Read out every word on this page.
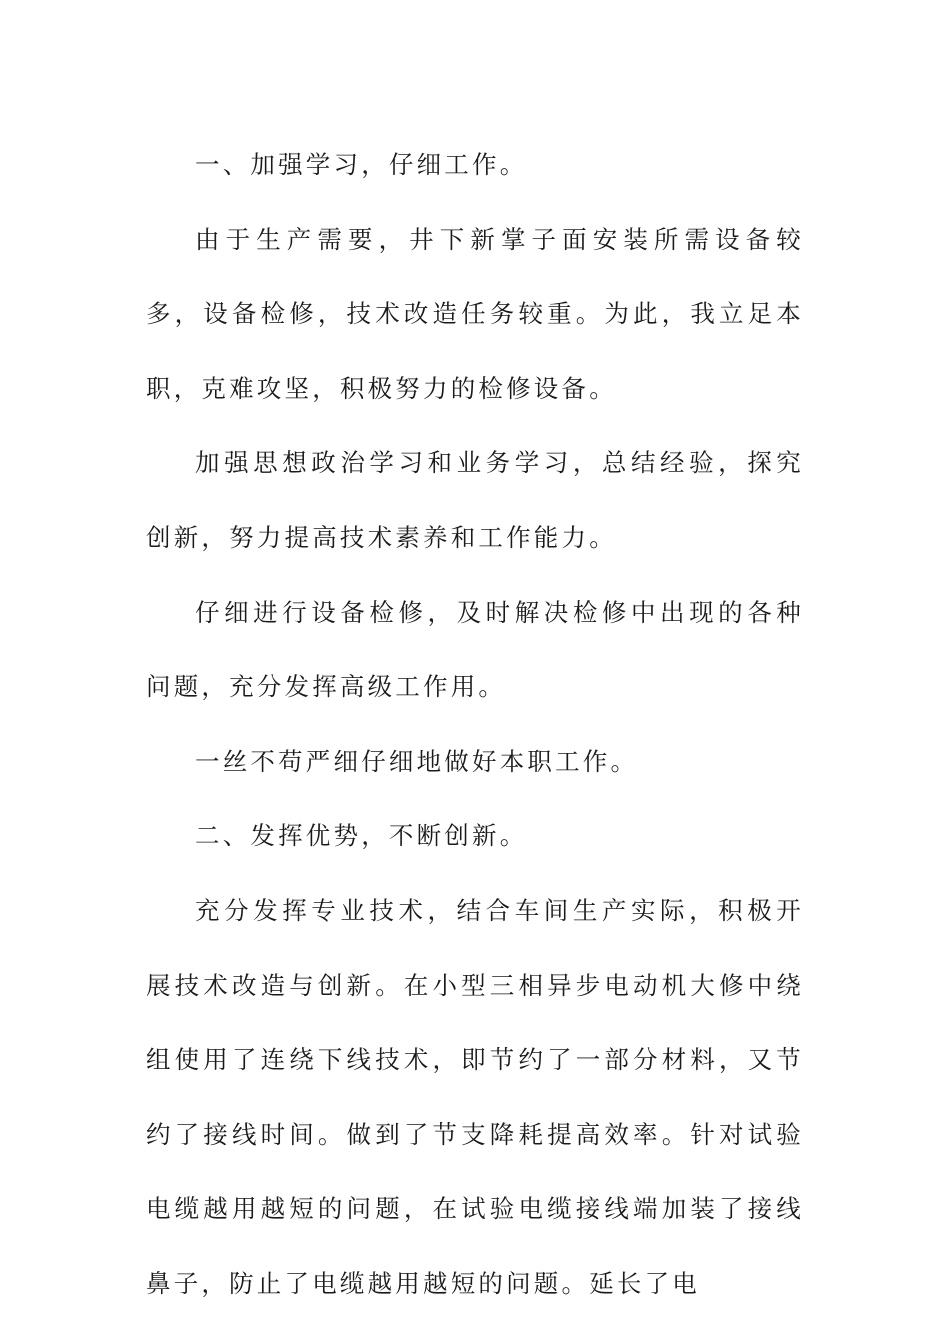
一、加强学习，仔细工作。

由于生产需要，井下新掌子面安装所需设备较多，设备检修，技术改造任务较重。为此，我立足本职，克难攻坚，积极努力的检修设备。

加强思想政治学习和业务学习，总结经验，探究创新，努力提高技术素养和工作能力。

仔细进行设备检修，及时解决检修中出现的各种问题，充分发挥高级工作用。

一丝不苟严细仔细地做好本职工作。

二、发挥优势，不断创新。

充分发挥专业技术，结合车间生产实际，积极开展技术改造与创新。在小型三相异步电动机大修中绕组使用了连绕下线技术，即节约了一部分材料，又节约了接线时间。做到了节支降耗提高效率。针对试验电缆越用越短的问题，在试验电缆接线端加装了接线鼻子，防止了电缆越用越短的问题。延长了电
